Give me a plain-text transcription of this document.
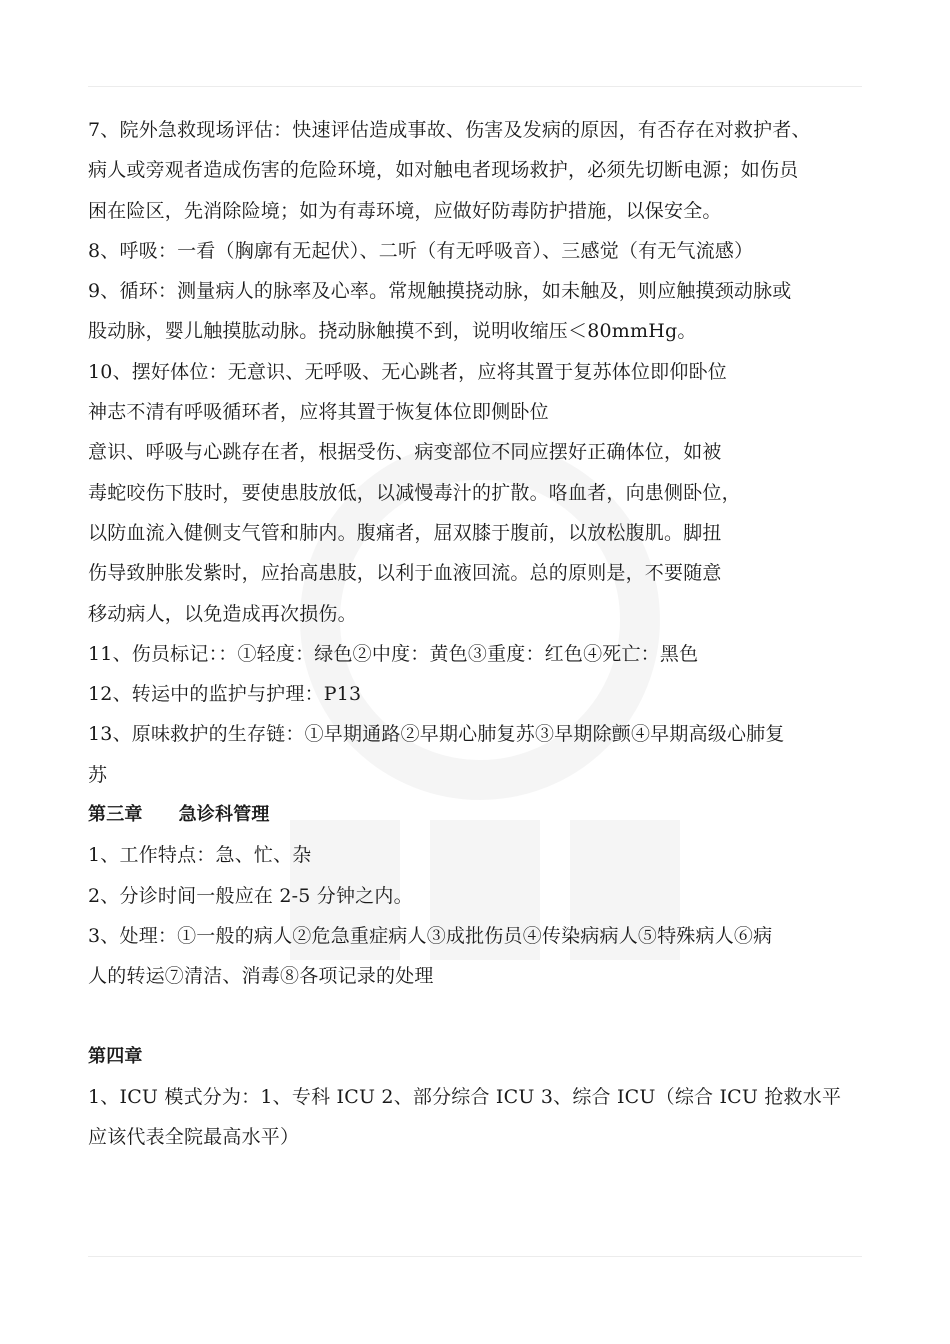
7、院外急救现场评估：快速评估造成事故、伤害及发病的原因，有否存在对救护者、
病人或旁观者造成伤害的危险环境，如对触电者现场救护，必须先切断电源；如伤员
困在险区，先消除险境；如为有毒环境，应做好防毒防护措施，以保安全。
8、呼吸：一看（胸廓有无起伏）、二听（有无呼吸音）、三感觉（有无气流感）
9、循环：测量病人的脉率及心率。常规触摸挠动脉，如未触及，则应触摸颈动脉或
股动脉，婴儿触摸肱动脉。挠动脉触摸不到，说明收缩压＜80mmHg。
10、摆好体位：无意识、无呼吸、无心跳者，应将其置于复苏体位即仰卧位
神志不清有呼吸循环者，应将其置于恢复体位即侧卧位
意识、呼吸与心跳存在者，根据受伤、病变部位不同应摆好正确体位，如被
毒蛇咬伤下肢时，要使患肢放低，以减慢毒汁的扩散。咯血者，向患侧卧位，
以防血流入健侧支气管和肺内。腹痛者，屈双膝于腹前，以放松腹肌。脚扭
伤导致肿胀发紫时，应抬高患肢，以利于血液回流。总的原则是，不要随意
移动病人，以免造成再次损伤。
11、伤员标记：：①轻度：绿色②中度：黄色③重度：红色④死亡：黑色
12、转运中的监护与护理：P13
13、原味救护的生存链：①早期通路②早期心肺复苏③早期除颤④早期高级心肺复
苏
第三章 急诊科管理
1、工作特点：急、忙、杂
2、分诊时间一般应在 2-5 分钟之内。
3、处理：①一般的病人②危急重症病人③成批伤员④传染病病人⑤特殊病人⑥病
人的转运⑦清洁、消毒⑧各项记录的处理
第四章
1、ICU 模式分为：1、专科 ICU 2、部分综合 ICU 3、综合 ICU（综合 ICU 抢救水平
应该代表全院最高水平）
